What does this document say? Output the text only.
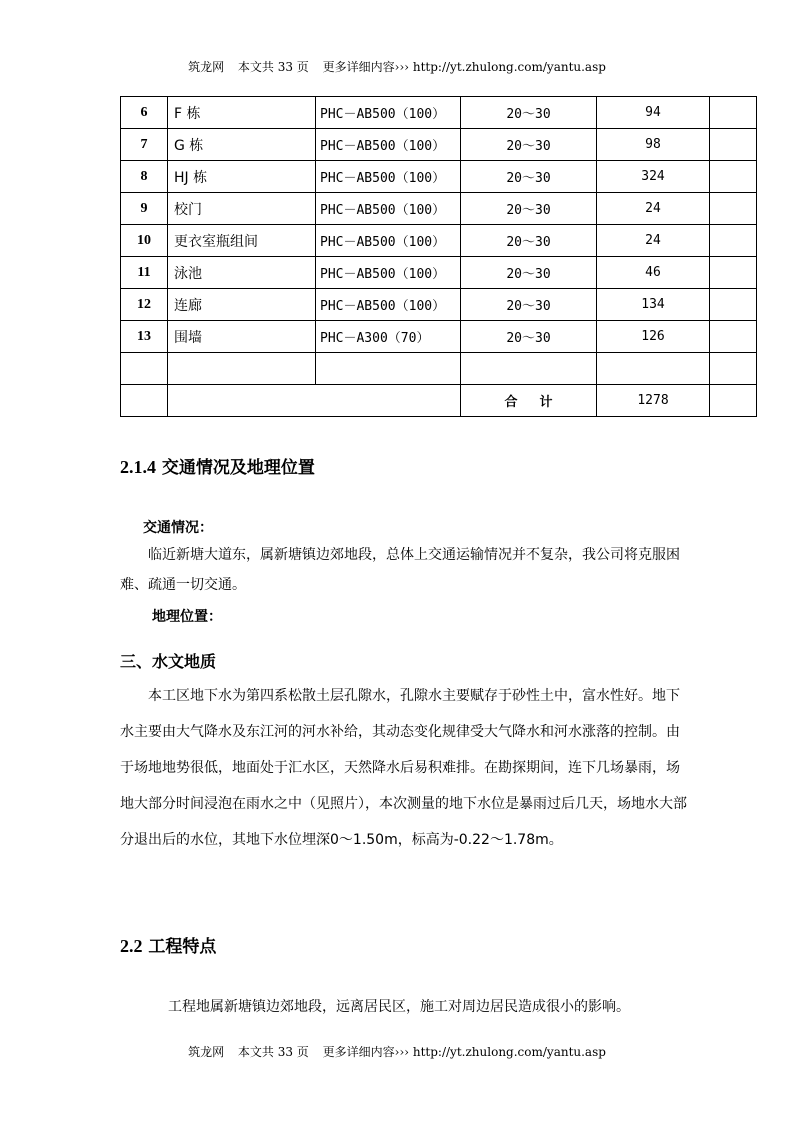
筑龙网 本文共 33 页 更多详细内容››› http://yt.zhulong.com/yantu.asp
6	F 栋	PHC－AB500（100）	20～30	94	
7	G 栋	PHC－AB500（100）	20～30	98	
8	HJ 栋	PHC－AB500（100）	20～30	324	
9	校门	PHC－AB500（100）	20～30	24	
10	更衣室瓶组间	PHC－AB500（100）	20～30	24	
11	泳池	PHC－AB500（100）	20～30	46	
12	连廊	PHC－AB500（100）	20～30	134	
13	围墙	PHC－A300（70）	20～30	126	

			合计	1278	
2.1.4 交通情况及地理位置
交通情况：

临近新塘大道东，属新塘镇边郊地段，总体上交通运输情况并不复杂，我公司将克服困难、疏通一切交通。

地理位置：
三、水文地质

本工区地下水为第四系松散土层孔隙水，孔隙水主要赋存于砂性土中，富水性好。地下水主要由大气降水及东江河的河水补给，其动态变化规律受大气降水和河水涨落的控制。由于场地地势很低，地面处于汇水区，天然降水后易积难排。在勘探期间，连下几场暴雨，场地大部分时间浸泡在雨水之中（见照片），本次测量的地下水位是暴雨过后几天，场地水大部分退出后的水位，其地下水位埋深0～1.50m，标高为-0.22～1.78m。

2.2 工程特点

工程地属新塘镇边郊地段，远离居民区，施工对周边居民造成很小的影响。

筑龙网 本文共 33 页 更多详细内容››› http://yt.zhulong.com/yantu.asp
